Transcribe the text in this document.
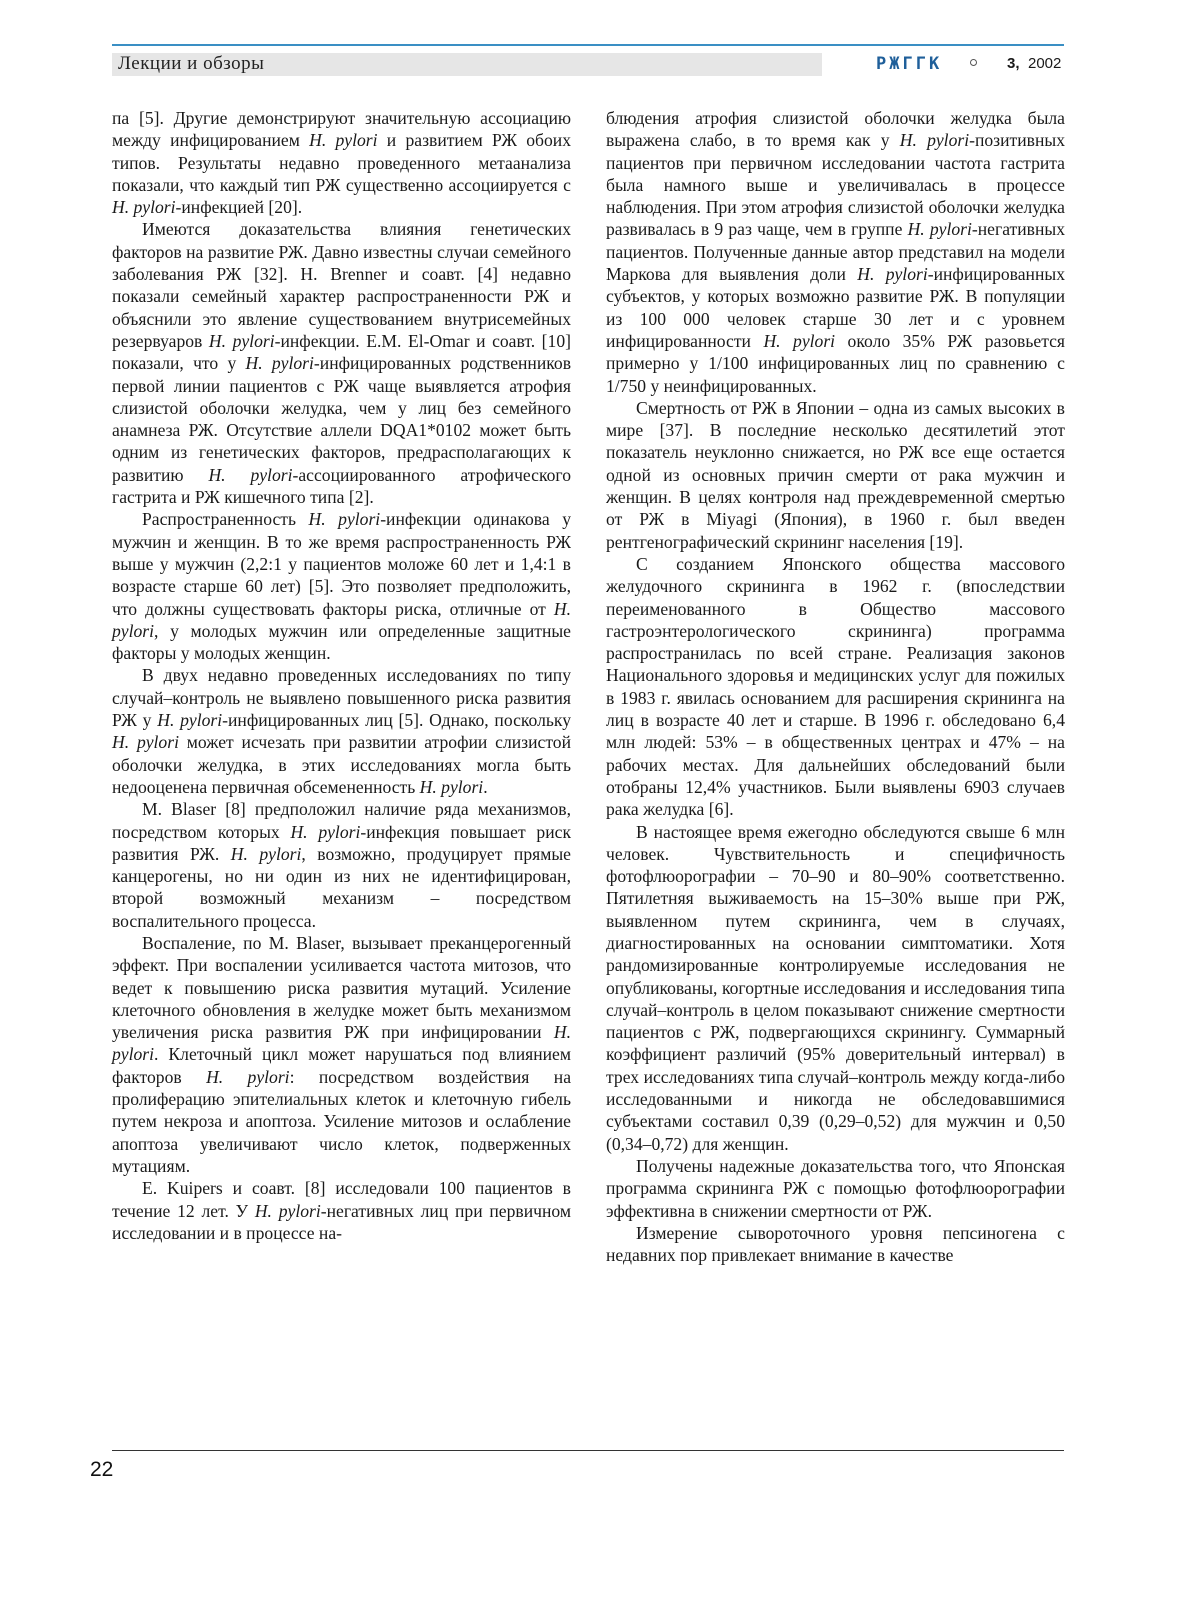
Лекции и обзоры	РЖГГК	3, 2002

па [5]. Другие демонстрируют значительную ассоциацию между инфицированием H. pylori и развитием РЖ обоих типов. Результаты недавно проведенного метаанализа показали, что каждый тип РЖ существенно ассоциируется с H. pylori-инфекцией [20].

Имеются доказательства влияния генетических факторов на развитие РЖ. Давно известны случаи семейного заболевания РЖ [32]. H. Brenner и соавт. [4] недавно показали семейный характер распространенности РЖ и объяснили это явление существованием внутрисемейных резервуаров H. pylori-инфекции. E.M. El-Omar и соавт. [10] показали, что у H. pylori-инфицированных родственников первой линии пациентов с РЖ чаще выявляется атрофия слизистой оболочки желудка, чем у лиц без семейного анамнеза РЖ. Отсутствие аллели DQA1*0102 может быть одним из генетических факторов, предрасполагающих к развитию H. pylori-ассоциированного атрофического гастрита и РЖ кишечного типа [2].

Распространенность H. pylori-инфекции одинакова у мужчин и женщин. В то же время распространенность РЖ выше у мужчин (2,2:1 у пациентов моложе 60 лет и 1,4:1 в возрасте старше 60 лет) [5]. Это позволяет предположить, что должны существовать факторы риска, отличные от H. pylori, у молодых мужчин или определенные защитные факторы у молодых женщин.

В двух недавно проведенных исследованиях по типу случай–контроль не выявлено повышенного риска развития РЖ у H. pylori-инфицированных лиц [5]. Однако, поскольку H. pylori может исчезать при развитии атрофии слизистой оболочки желудка, в этих исследованиях могла быть недооценена первичная обсемененность H. pylori.

M. Blaser [8] предположил наличие ряда механизмов, посредством которых H. pylori-инфекция повышает риск развития РЖ. H. pylori, возможно, продуцирует прямые канцерогены, но ни один из них не идентифицирован, второй возможный механизм – посредством воспалительного процесса.

Воспаление, по M. Blaser, вызывает преканцерогенный эффект. При воспалении усиливается частота митозов, что ведет к повышению риска развития мутаций. Усиление клеточного обновления в желудке может быть механизмом увеличения риска развития РЖ при инфицировании H. pylori. Клеточный цикл может нарушаться под влиянием факторов H. pylori: посредством воздействия на пролиферацию эпителиальных клеток и клеточную гибель путем некроза и апоптоза. Усиление митозов и ослабление апоптоза увеличивают число клеток, подверженных мутациям.

E. Kuipers и соавт. [8] исследовали 100 пациентов в течение 12 лет. У H. pylori-негативных лиц при первичном исследовании и в процессе на-

блюдения атрофия слизистой оболочки желудка была выражена слабо, в то время как у H. pylori-позитивных пациентов при первичном исследовании частота гастрита была намного выше и увеличивалась в процессе наблюдения. При этом атрофия слизистой оболочки желудка развивалась в 9 раз чаще, чем в группе H. pylori-негативных пациентов. Полученные данные автор представил на модели Маркова для выявления доли H. pylori-инфицированных субъектов, у которых возможно развитие РЖ. В популяции из 100 000 человек старше 30 лет и с уровнем инфицированности H. pylori около 35% РЖ разовьется примерно у 1/100 инфицированных лиц по сравнению с 1/750 у неинфицированных.

Смертность от РЖ в Японии – одна из самых высоких в мире [37]. В последние несколько десятилетий этот показатель неуклонно снижается, но РЖ все еще остается одной из основных причин смерти от рака мужчин и женщин. В целях контроля над преждевременной смертью от РЖ в Miyagi (Япония), в 1960 г. был введен рентгенографический скрининг населения [19].

С созданием Японского общества массового желудочного скрининга в 1962 г. (впоследствии переименованного в Общество массового гастроэнтерологического скрининга) программа распространилась по всей стране. Реализация законов Национального здоровья и медицинских услуг для пожилых в 1983 г. явилась основанием для расширения скрининга на лиц в возрасте 40 лет и старше. В 1996 г. обследовано 6,4 млн людей: 53% – в общественных центрах и 47% – на рабочих местах. Для дальнейших обследований были отобраны 12,4% участников. Были выявлены 6903 случаев рака желудка [6].

В настоящее время ежегодно обследуются свыше 6 млн человек. Чувствительность и специфичность фотофлюорографии – 70–90 и 80–90% соответственно. Пятилетняя выживаемость на 15–30% выше при РЖ, выявленном путем скрининга, чем в случаях, диагностированных на основании симптоматики. Хотя рандомизированные контролируемые исследования не опубликованы, когортные исследования и исследования типа случай–контроль в целом показывают снижение смертности пациентов с РЖ, подвергающихся скринингу. Суммарный коэффициент различий (95% доверительный интервал) в трех исследованиях типа случай–контроль между когда-либо исследованными и никогда не обследовавшимися субъектами составил 0,39 (0,29–0,52) для мужчин и 0,50 (0,34–0,72) для женщин.

Получены надежные доказательства того, что Японская программа скрининга РЖ с помощью фотофлюорографии эффективна в снижении смертности от РЖ.

Измерение сывороточного уровня пепсиногена с недавних пор привлекает внимание в качестве

22
